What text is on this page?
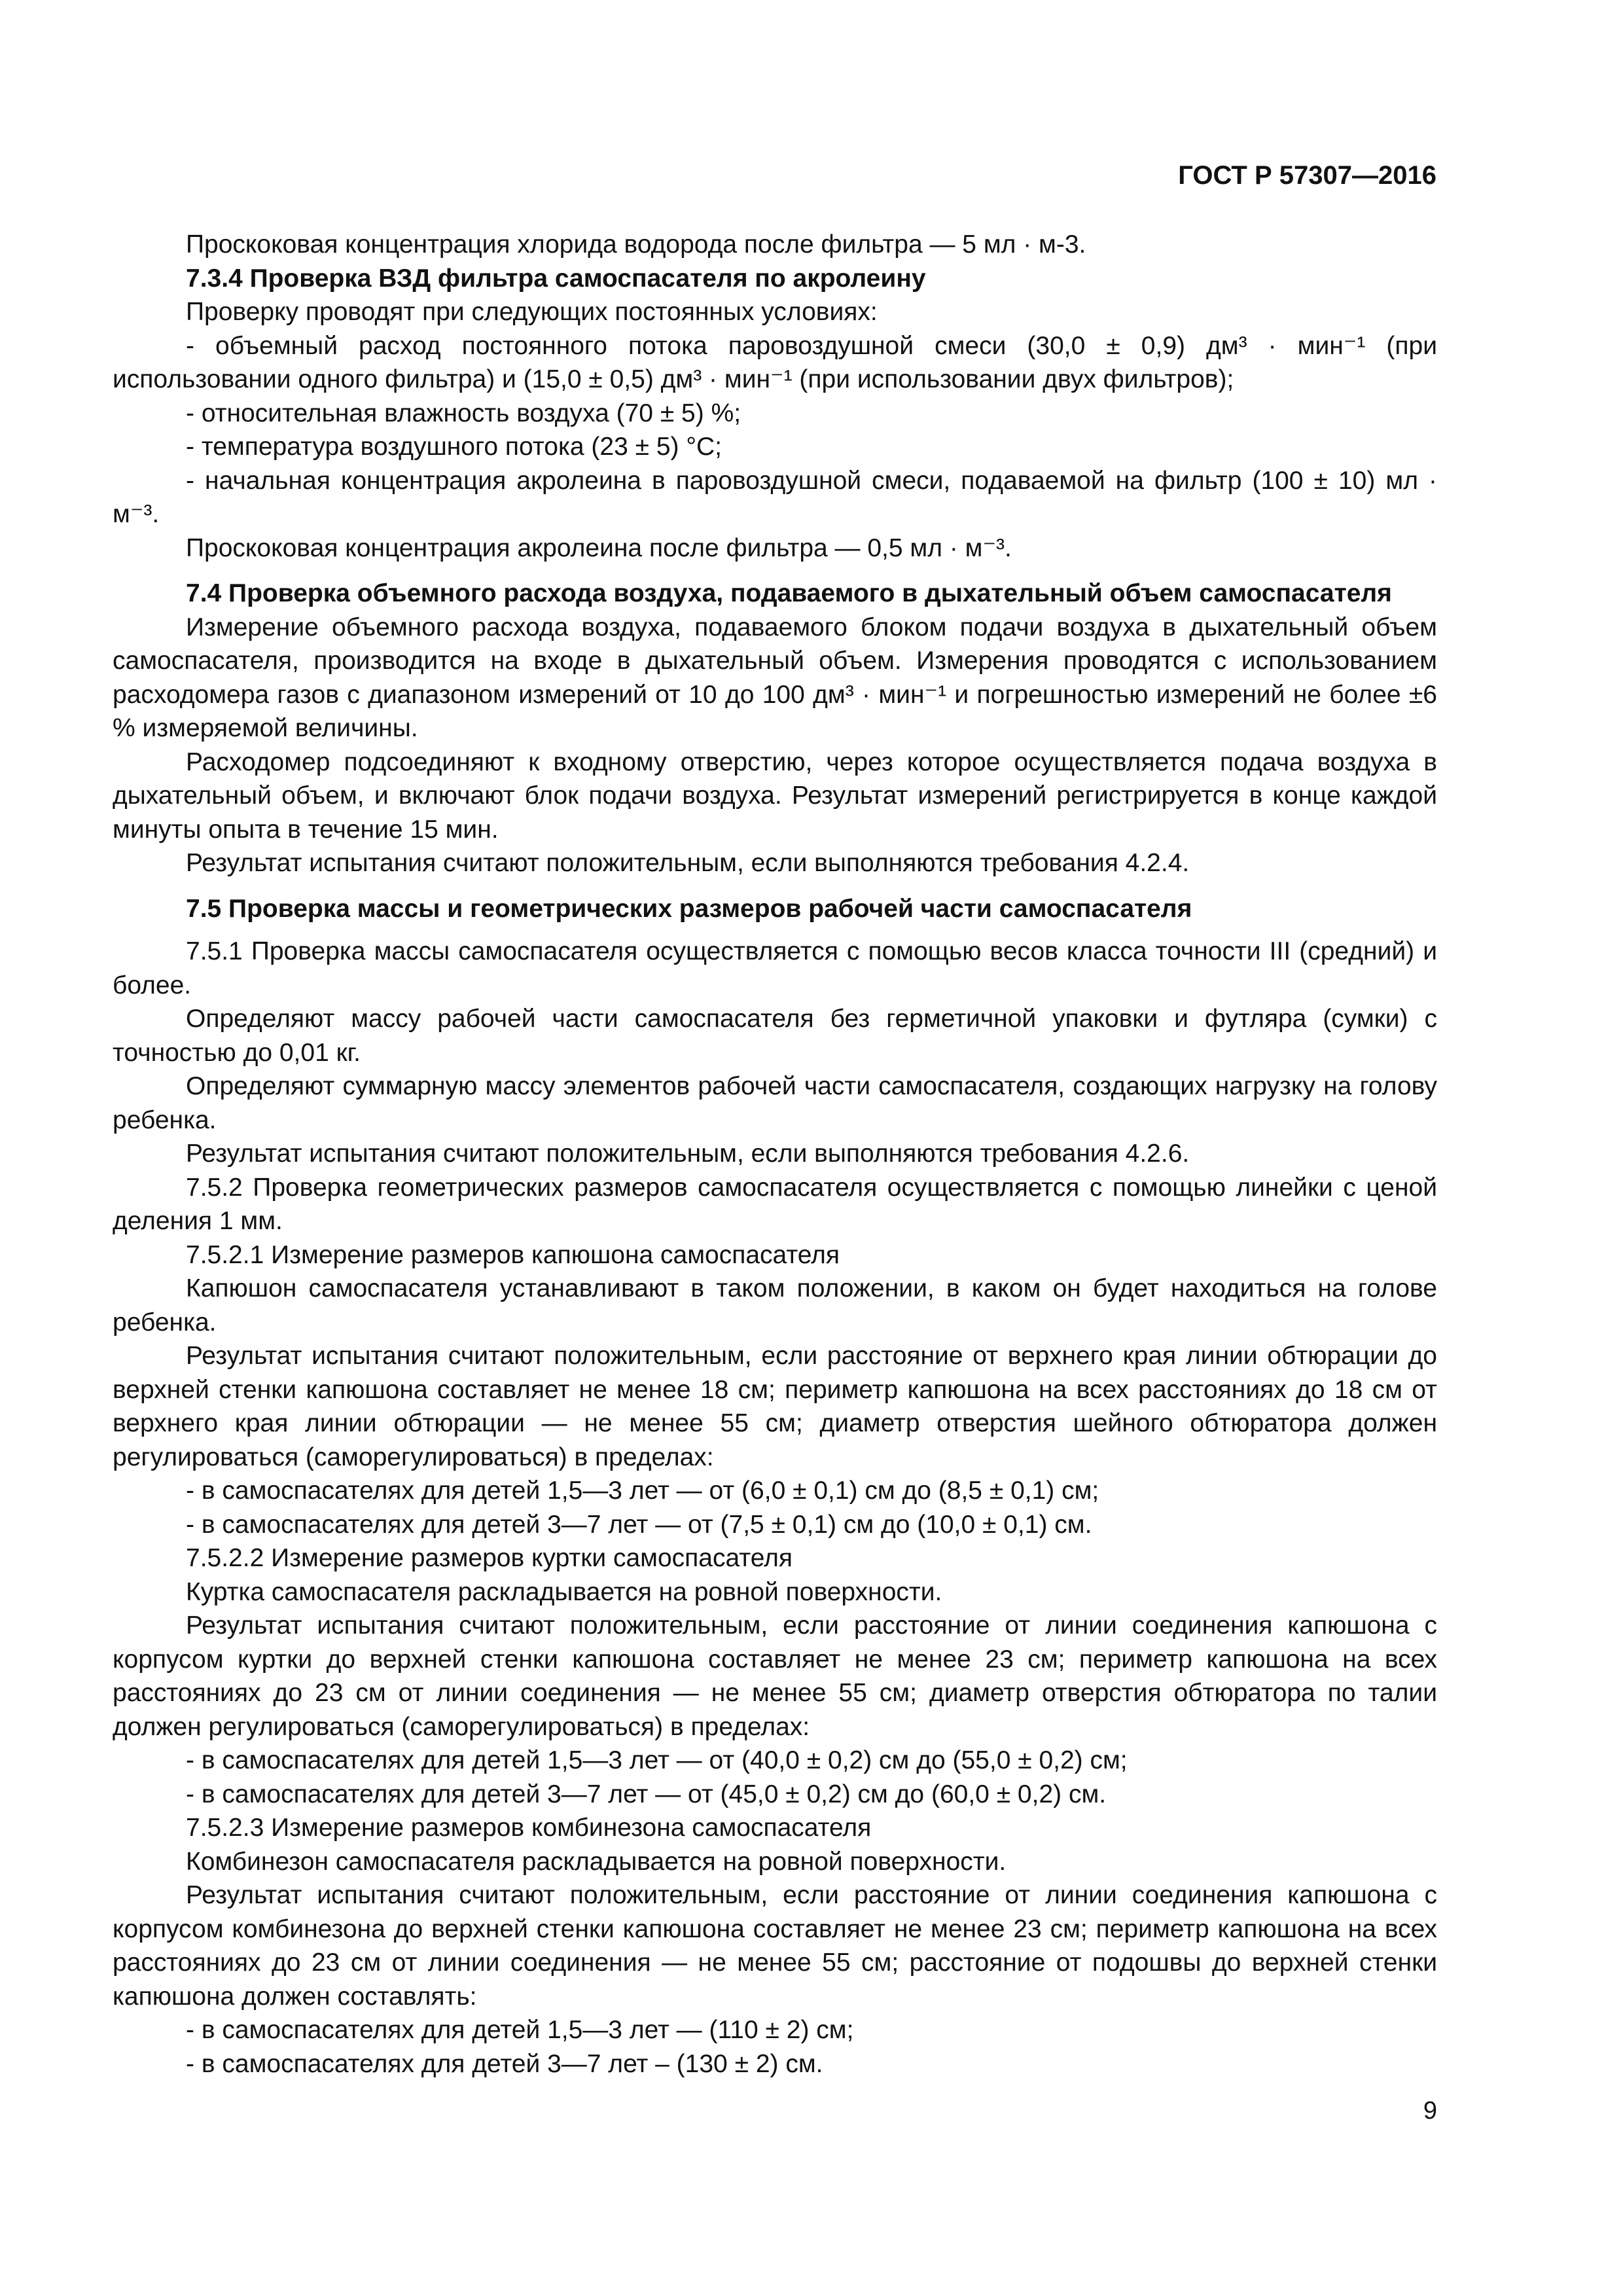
ГОСТ Р 57307—2016

Проскоковая концентрация хлорида водорода после фильтра — 5 мл · м-3.

7.3.4 Проверка ВЗД фильтра самоспасателя по акролеину

Проверку проводят при следующих постоянных условиях:

- объемный расход постоянного потока паровоздушной смеси (30,0 ± 0,9) дм³ · мин⁻¹ (при использовании одного фильтра) и (15,0 ± 0,5) дм³ · мин⁻¹ (при использовании двух фильтров);

- относительная влажность воздуха (70 ± 5) %;

- температура воздушного потока (23 ± 5) °С;

- начальная концентрация акролеина в паровоздушной смеси, подаваемой на фильтр (100 ± 10) мл · м⁻³.

Проскоковая концентрация акролеина после фильтра — 0,5 мл · м⁻³.

7.4 Проверка объемного расхода воздуха, подаваемого в дыхательный объем самоспасателя

Измерение объемного расхода воздуха, подаваемого блоком подачи воздуха в дыхательный объем самоспасателя, производится на входе в дыхательный объем. Измерения проводятся с использованием расходомера газов с диапазоном измерений от 10 до 100 дм³ · мин⁻¹ и погрешностью измерений не более ±6 % измеряемой величины.

Расходомер подсоединяют к входному отверстию, через которое осуществляется подача воздуха в дыхательный объем, и включают блок подачи воздуха. Результат измерений регистрируется в конце каждой минуты опыта в течение 15 мин.

Результат испытания считают положительным, если выполняются требования 4.2.4.

7.5 Проверка массы и геометрических размеров рабочей части самоспасателя

7.5.1 Проверка массы самоспасателя осуществляется с помощью весов класса точности III (средний) и более.

Определяют массу рабочей части самоспасателя без герметичной упаковки и футляра (сумки) с точностью до 0,01 кг.

Определяют суммарную массу элементов рабочей части самоспасателя, создающих нагрузку на голову ребенка.

Результат испытания считают положительным, если выполняются требования 4.2.6.

7.5.2 Проверка геометрических размеров самоспасателя осуществляется с помощью линейки с ценой деления 1 мм.

7.5.2.1 Измерение размеров капюшона самоспасателя

Капюшон самоспасателя устанавливают в таком положении, в каком он будет находиться на голове ребенка.

Результат испытания считают положительным, если расстояние от верхнего края линии обтюрации до верхней стенки капюшона составляет не менее 18 см; периметр капюшона на всех расстояниях до 18 см от верхнего края линии обтюрации — не менее 55 см; диаметр отверстия шейного обтюратора должен регулироваться (саморегулироваться) в пределах:

- в самоспасателях для детей 1,5—3 лет — от (6,0 ± 0,1) см до (8,5 ± 0,1) см;

- в самоспасателях для детей 3—7 лет — от (7,5 ± 0,1) см до (10,0 ± 0,1) см.

7.5.2.2 Измерение размеров куртки самоспасателя

Куртка самоспасателя раскладывается на ровной поверхности.

Результат испытания считают положительным, если расстояние от линии соединения капюшона с корпусом куртки до верхней стенки капюшона составляет не менее 23 см; периметр капюшона на всех расстояниях до 23 см от линии соединения — не менее 55 см; диаметр отверстия обтюратора по талии должен регулироваться (саморегулироваться) в пределах:

- в самоспасателях для детей 1,5—3 лет — от (40,0 ± 0,2) см до (55,0 ± 0,2) см;

- в самоспасателях для детей 3—7 лет — от (45,0 ± 0,2) см до (60,0 ± 0,2) см.

7.5.2.3 Измерение размеров комбинезона самоспасателя

Комбинезон самоспасателя раскладывается на ровной поверхности.

Результат испытания считают положительным, если расстояние от линии соединения капюшона с корпусом комбинезона до верхней стенки капюшона составляет не менее 23 см; периметр капюшона на всех расстояниях до 23 см от линии соединения — не менее 55 см; расстояние от подошвы до верхней стенки капюшона должен составлять:

- в самоспасателях для детей 1,5—3 лет — (110 ± 2) см;

- в самоспасателях для детей 3—7 лет – (130 ± 2) см.

9
